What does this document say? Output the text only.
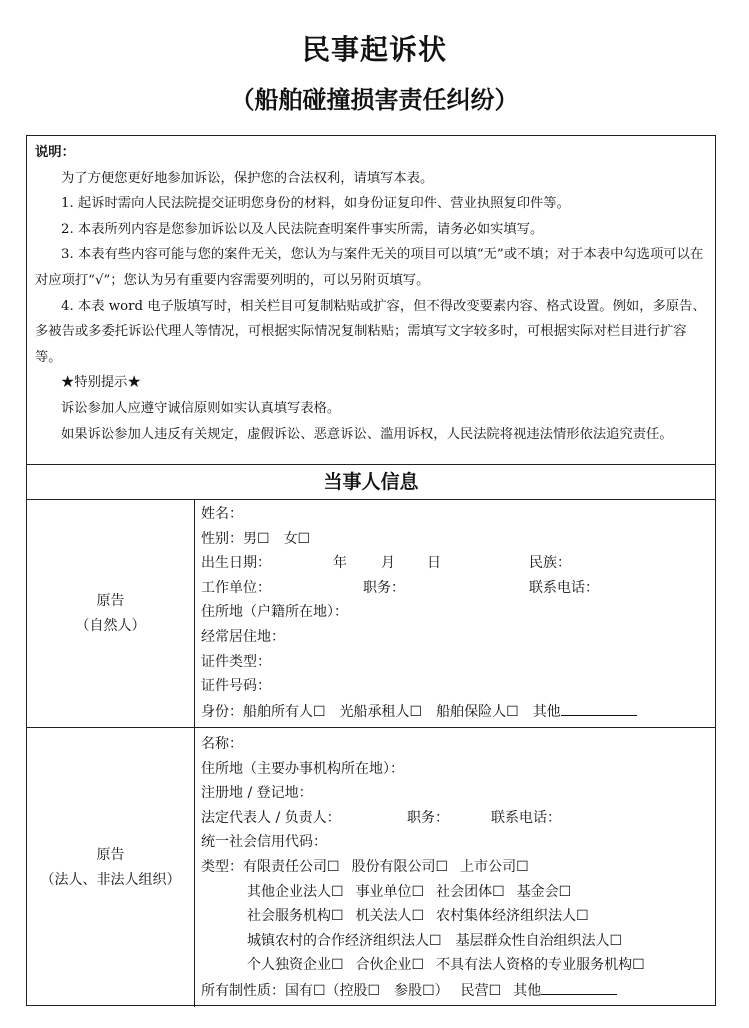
民事起诉状
（船舶碰撞损害责任纠纷）

说明：

为了方便您更好地参加诉讼，保护您的合法权利，请填写本表。

1. 起诉时需向人民法院提交证明您身份的材料，如身份证复印件、营业执照复印件等。

2. 本表所列内容是您参加诉讼以及人民法院查明案件事实所需，请务必如实填写。

3. 本表有些内容可能与您的案件无关，您认为与案件无关的项目可以填“无”或不填；对于本表中勾选项可以在对应项打“√”；您认为另有重要内容需要列明的，可以另附页填写。

4. 本表 word 电子版填写时，相关栏目可复制粘贴或扩容，但不得改变要素内容、格式设置。例如，多原告、多被告或多委托诉讼代理人等情况，可根据实际情况复制粘贴；需填写文字较多时，可根据实际对栏目进行扩容等。

★特别提示★

诉讼参加人应遵守诚信原则如实认真填写表格。

如果诉讼参加人违反有关规定，虚假诉讼、恶意诉讼、滥用诉权，人民法院将视违法情形依法追究责任。

当事人信息
原告
（自然人）
姓名：
性别：男☐ 女☐
出生日期：	年 月 日	民族：
工作单位：	职务：	联系电话：
住所地（户籍所在地）：
经常居住地：
证件类型：
证件号码：
身份：船舶所有人☐ 光船承租人☐ 船舶保险人☐ 其他
原告
（法人、非法人组织）
名称：
住所地（主要办事机构所在地）：
注册地 / 登记地：
法定代表人 / 负责人：	职务：	联系电话：
统一社会信用代码：
类型：有限责任公司☐ 股份有限公司☐ 上市公司☐
其他企业法人☐ 事业单位☐ 社会团体☐ 基金会☐
社会服务机构☐ 机关法人☐ 农村集体经济组织法人☐
城镇农村的合作经济组织法人☐ 基层群众性自治组织法人☐
个人独资企业☐ 合伙企业☐ 不具有法人资格的专业服务机构☐
所有制性质：国有☐（控股☐　参股☐） 民营☐ 其他
